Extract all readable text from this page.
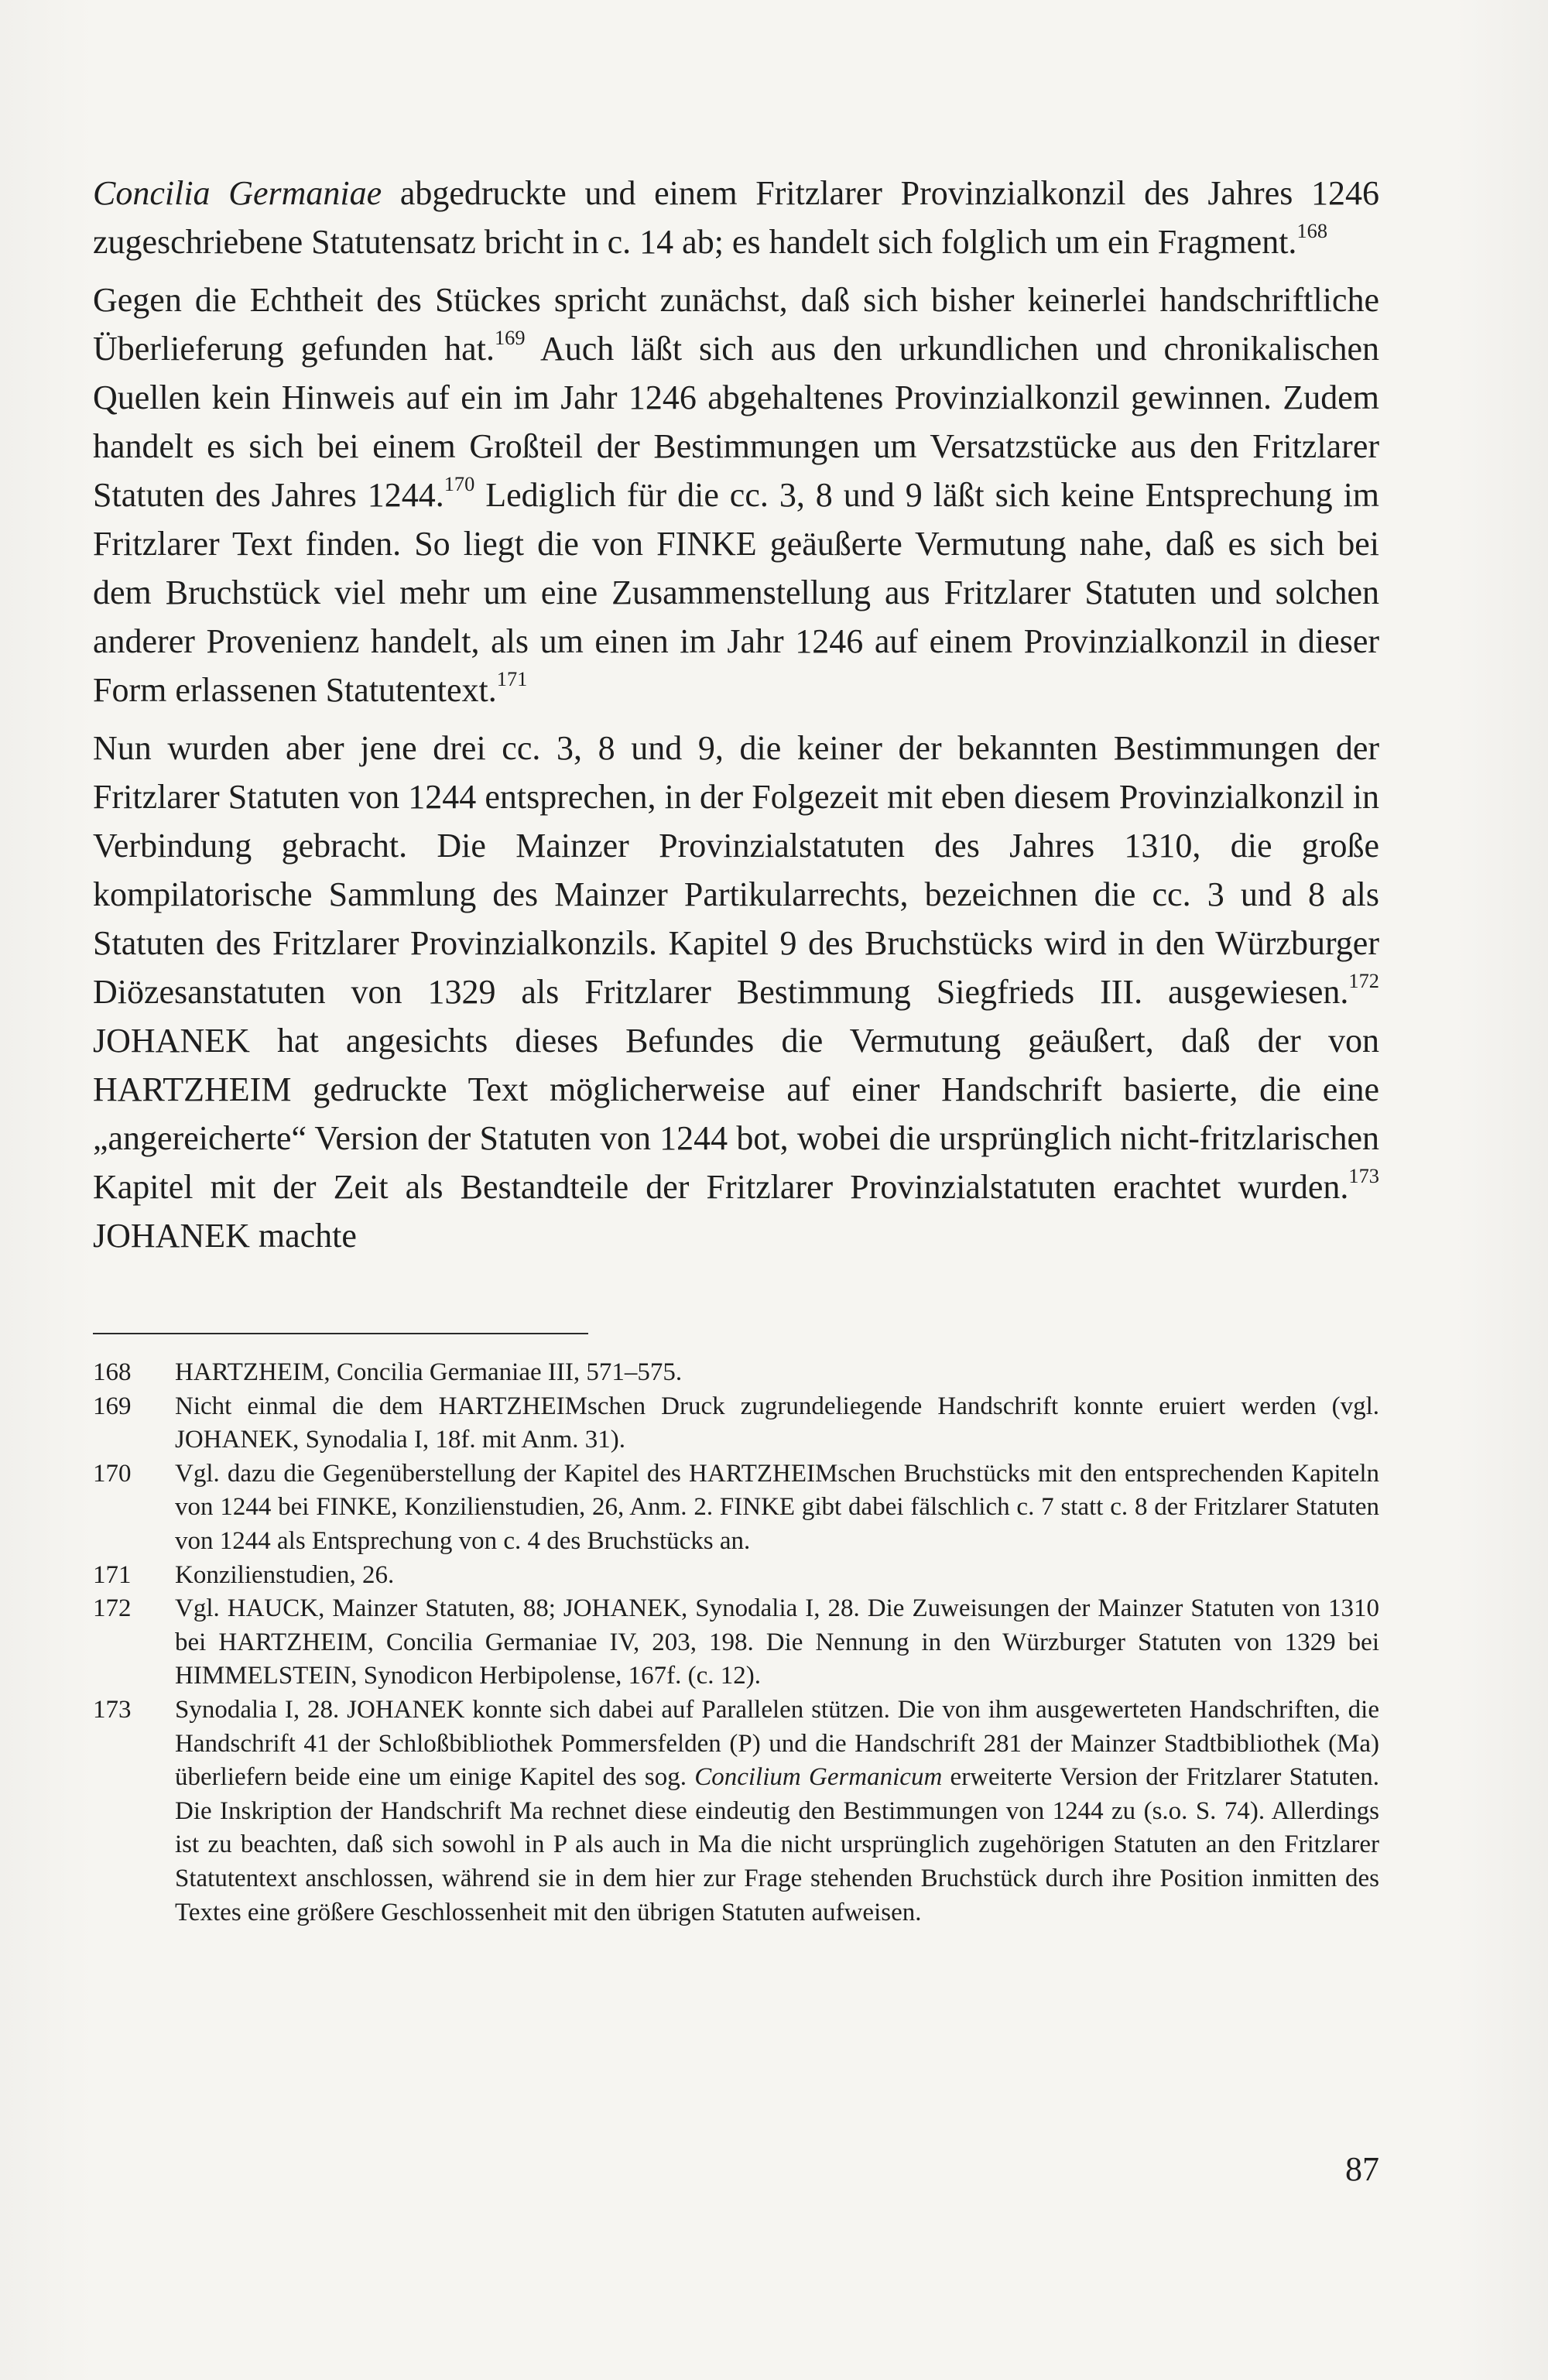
Concilia Germaniae abgedruckte und einem Fritzlarer Provinzialkonzil des Jahres 1246 zugeschriebene Statutensatz bricht in c. 14 ab; es handelt sich folglich um ein Fragment.$^{168}$

Gegen die Echtheit des Stückes spricht zunächst, daß sich bisher keinerlei handschriftliche Überlieferung gefunden hat.$^{169}$ Auch läßt sich aus den urkundlichen und chronikalischen Quellen kein Hinweis auf ein im Jahr 1246 abgehaltenes Provinzialkonzil gewinnen. Zudem handelt es sich bei einem Großteil der Bestimmungen um Versatzstücke aus den Fritzlarer Statuten des Jahres 1244.$^{170}$ Lediglich für die cc. 3, 8 und 9 läßt sich keine Entsprechung im Fritzlarer Text finden. So liegt die von FINKE geäußerte Vermutung nahe, daß es sich bei dem Bruchstück viel mehr um eine Zusammenstellung aus Fritzlarer Statuten und solchen anderer Provenienz handelt, als um einen im Jahr 1246 auf einem Provinzialkonzil in dieser Form erlassenen Statutentext.$^{171}$

Nun wurden aber jene drei cc. 3, 8 und 9, die keiner der bekannten Bestimmungen der Fritzlarer Statuten von 1244 entsprechen, in der Folgezeit mit eben diesem Provinzialkonzil in Verbindung gebracht. Die Mainzer Provinzialstatuten des Jahres 1310, die große kompilatorische Sammlung des Mainzer Partikularrechts, bezeichnen die cc. 3 und 8 als Statuten des Fritzlarer Provinzialkonzils. Kapitel 9 des Bruchstücks wird in den Würzburger Diözesanstatuten von 1329 als Fritzlarer Bestimmung Siegfrieds III. ausgewiesen.$^{172}$ JOHANEK hat angesichts dieses Befundes die Vermutung geäußert, daß der von HARTZHEIM gedruckte Text möglicherweise auf einer Handschrift basierte, die eine „angereicherte“ Version der Statuten von 1244 bot, wobei die ursprünglich nicht-fritzlarischen Kapitel mit der Zeit als Bestandteile der Fritzlarer Provinzialstatuten erachtet wurden.$^{173}$ JOHANEK machte

168	HARTZHEIM, Concilia Germaniae III, 571–575.
169	Nicht einmal die dem HARTZHEIMschen Druck zugrundeliegende Handschrift konnte eruiert werden (vgl. JOHANEK, Synodalia I, 18f. mit Anm. 31).
170	Vgl. dazu die Gegenüberstellung der Kapitel des HARTZHEIMschen Bruchstücks mit den entsprechenden Kapiteln von 1244 bei FINKE, Konzilienstudien, 26, Anm. 2. FINKE gibt dabei fälschlich c. 7 statt c. 8 der Fritzlarer Statuten von 1244 als Entsprechung von c. 4 des Bruchstücks an.
171	Konzilienstudien, 26.
172	Vgl. HAUCK, Mainzer Statuten, 88; JOHANEK, Synodalia I, 28. Die Zuweisungen der Mainzer Statuten von 1310 bei HARTZHEIM, Concilia Germaniae IV, 203, 198. Die Nennung in den Würzburger Statuten von 1329 bei HIMMELSTEIN, Synodicon Herbipolense, 167f. (c. 12).
173	Synodalia I, 28. JOHANEK konnte sich dabei auf Parallelen stützen. Die von ihm ausgewerteten Handschriften, die Handschrift 41 der Schloßbibliothek Pommersfelden (P) und die Handschrift 281 der Mainzer Stadtbibliothek (Ma) überliefern beide eine um einige Kapitel des sog. Concilium Germanicum erweiterte Version der Fritzlarer Statuten. Die Inskription der Handschrift Ma rechnet diese eindeutig den Bestimmungen von 1244 zu (s.o. S. 74). Allerdings ist zu beachten, daß sich sowohl in P als auch in Ma die nicht ursprünglich zugehörigen Statuten an den Fritzlarer Statutentext anschlossen, während sie in dem hier zur Frage stehenden Bruchstück durch ihre Position inmitten des Textes eine größere Geschlossenheit mit den übrigen Statuten aufweisen.
87
